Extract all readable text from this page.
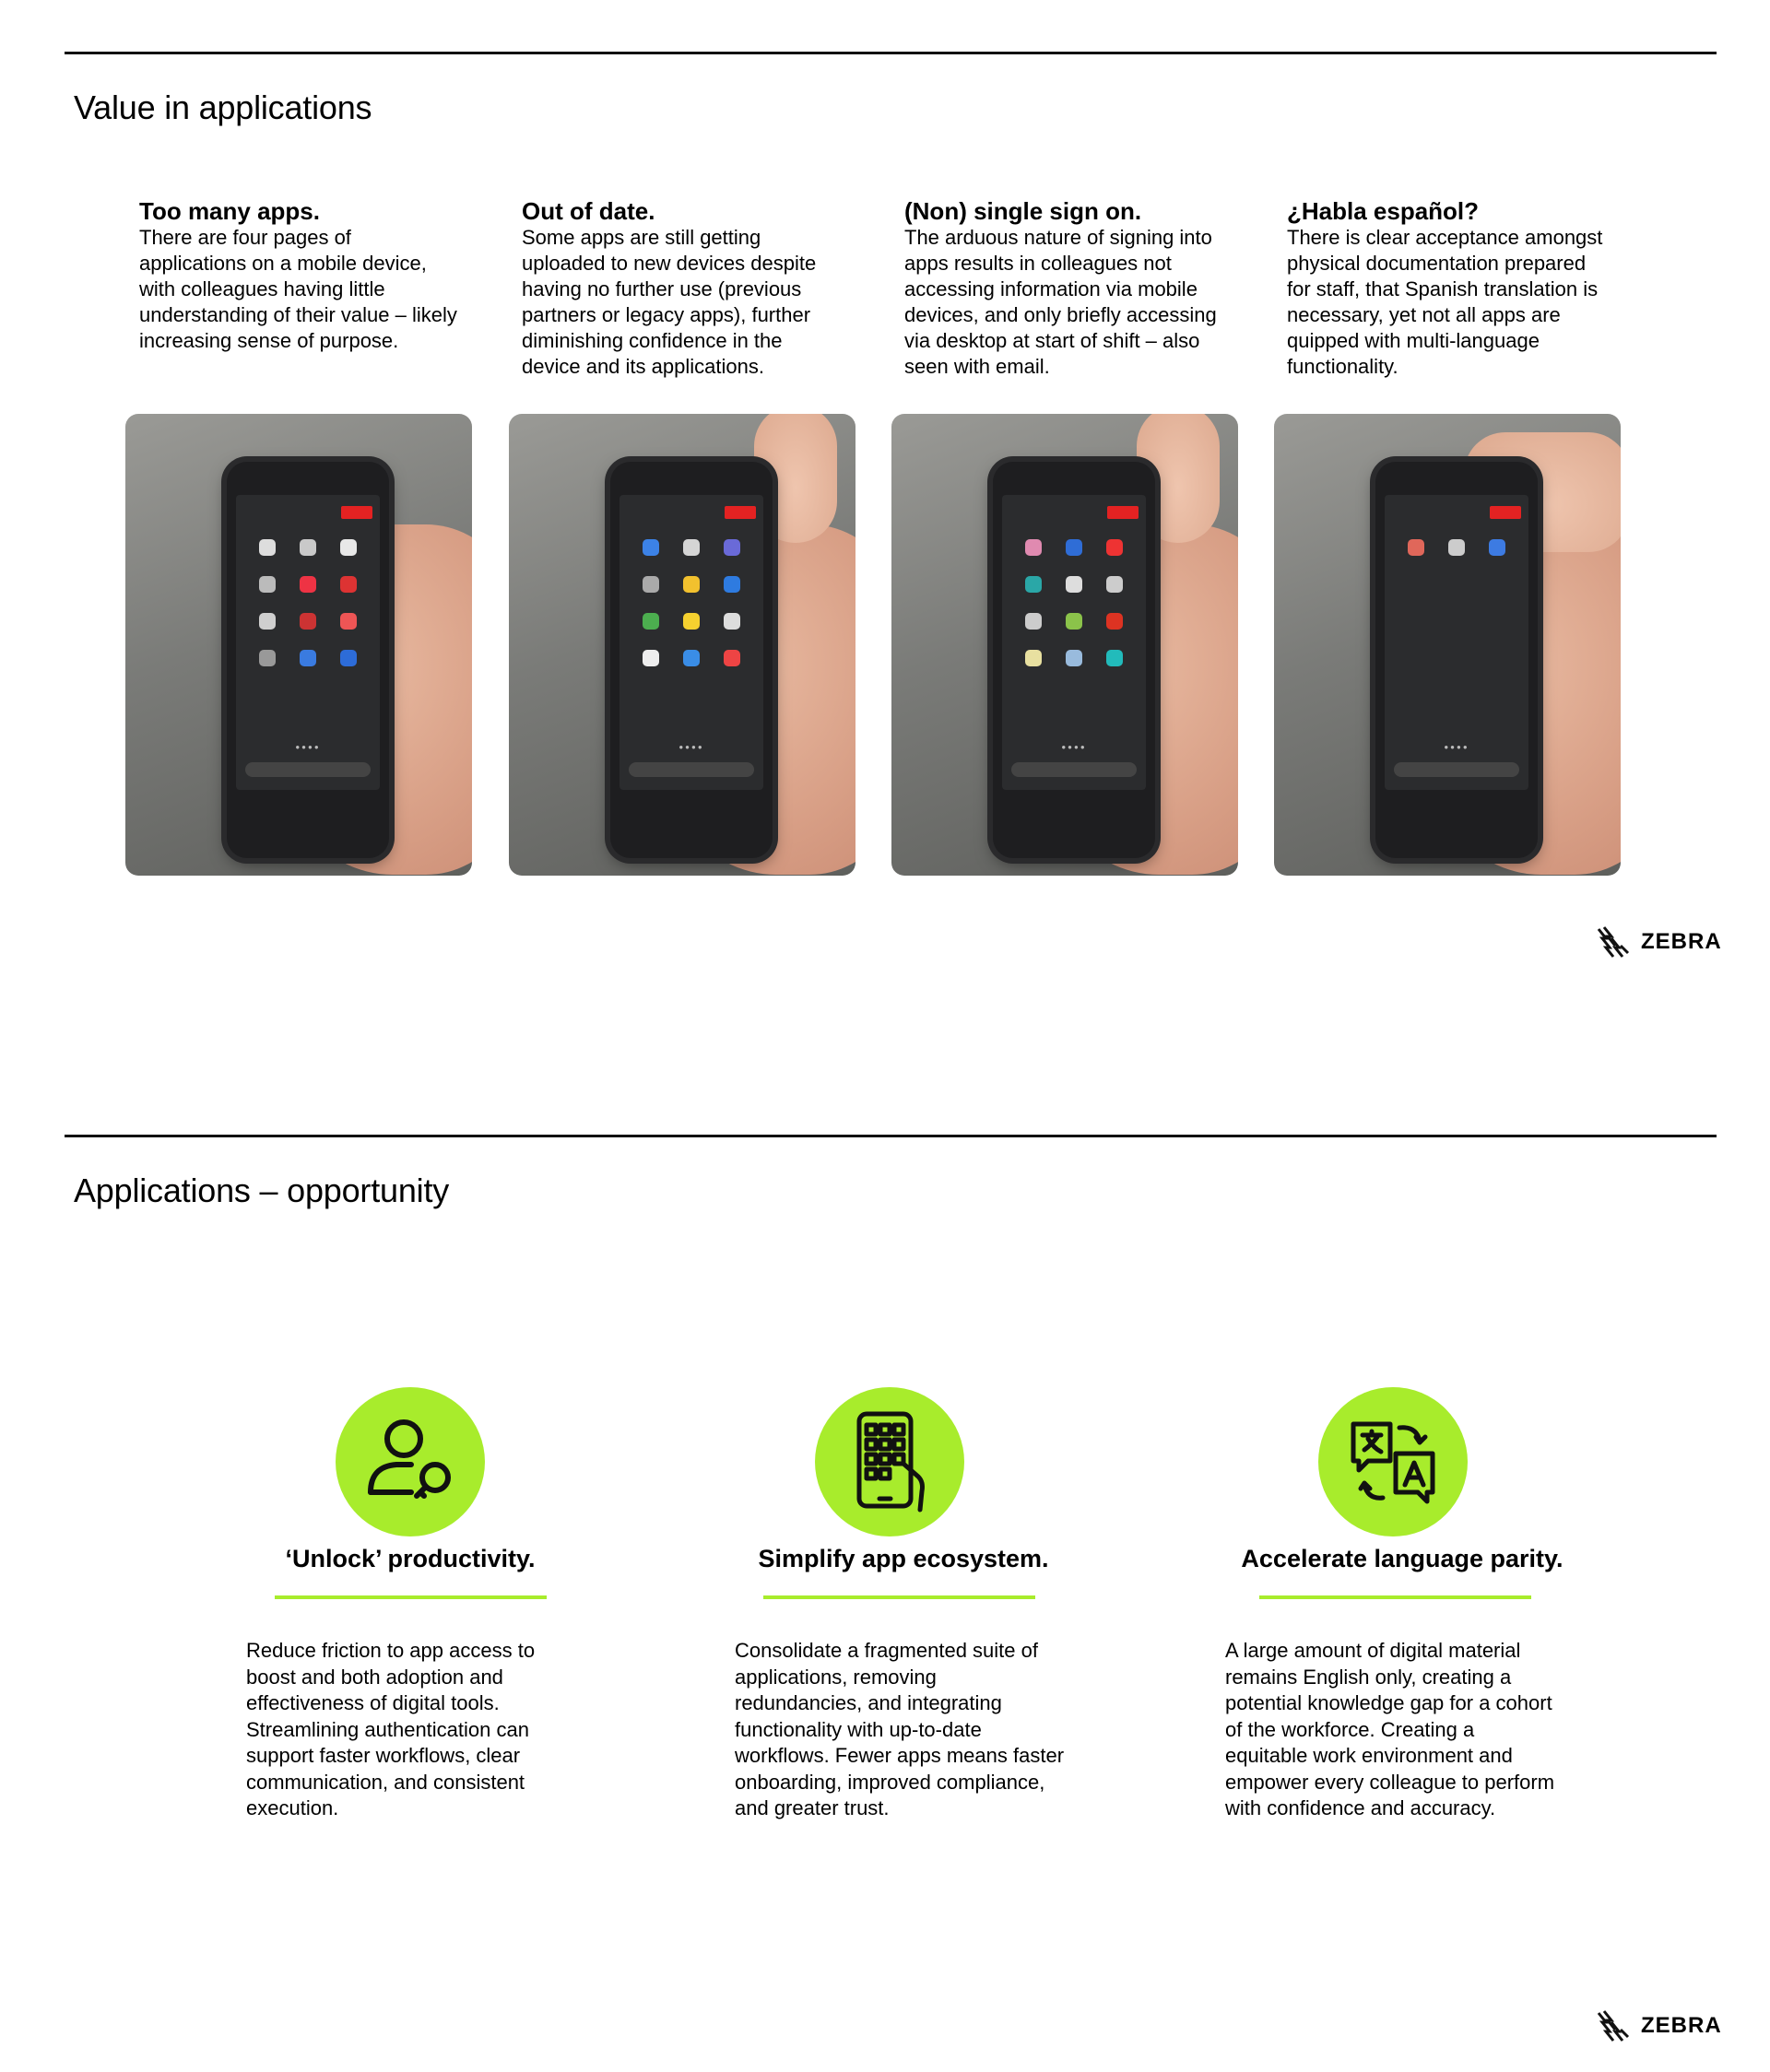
Value in applications
Too many apps.

There are four pages of applications on a mobile device, with colleagues having little understanding of their value – likely increasing sense of purpose.

Out of date.

Some apps are still getting uploaded to new devices despite having no further use (previous partners or legacy apps), further diminishing confidence in the device and its applications.

(Non) single sign on.

The arduous nature of signing into apps results in colleagues not accessing information via mobile devices, and only briefly accessing via desktop at start of shift – also seen with email.

¿Habla español?

There is clear acceptance amongst physical documentation prepared for staff, that Spanish translation is necessary, yet not all apps are quipped with multi-language functionality.

●●●●	●●●●	●●●●	●●●●
ZEBRA
Applications – opportunity
‘Unlock’ productivity.

Reduce friction to app access to boost and both adoption and effectiveness of digital tools. Streamlining authentication can support faster workflows, clear communication, and consistent execution.

Simplify app ecosystem.

Consolidate a fragmented suite of applications, removing redundancies, and integrating functionality with up-to-date workflows. Fewer apps means faster onboarding, improved compliance, and greater trust.

Accelerate language parity.

A large amount of digital material remains English only, creating a potential knowledge gap for a cohort of the workforce. Creating a equitable work environment and empower every colleague to perform with confidence and accuracy.

ZEBRA
